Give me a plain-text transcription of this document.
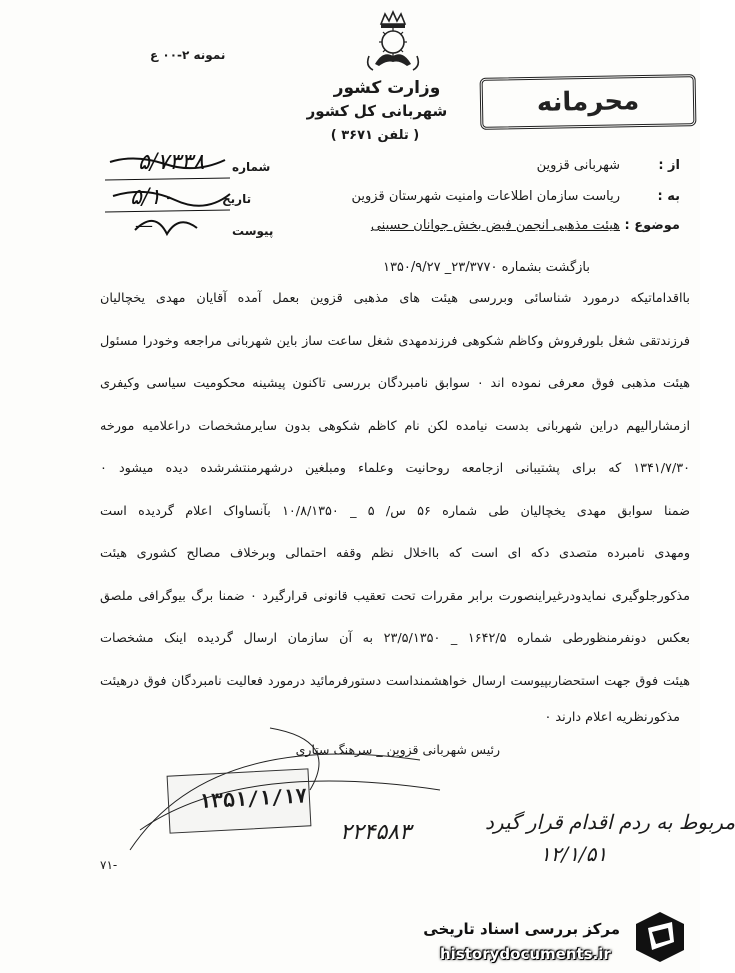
نمونه ۲-۰۰ ع
وزارت کشور
شهربانی کل کشور
( تلفن ۳۶۷۱ )
محرمانه
۵/۷۳۳۸
۵/۱۰
—
شماره
تاریخ
پیوست
از :
شهربانی قزوین
به :
ریاست سازمان اطلاعات وامنیت شهرستان قزوین
موضوع :
هیئت مذهبی انجمن فیض بخش جوانان حسینی
بازگشت بشماره ۲۳/۳۷۷۰_ ۱۳۵۰/۹/۲۷
بااقداماتیکه درمورد شناسائی وبررسی هیئت های مذهبی قزوین بعمل آمده آقایان مهدی یخچالیان
فرزندتقی شغل بلورفروش وکاظم شکوهی فرزندمهدی شغل ساعت ساز باین شهربانی مراجعه وخودرا مسئول
هیئت مذهبی فوق معرفی نموده اند ۰ سوابق نامبردگان بررسی تاکنون پیشینه محکومیت سیاسی وکیفری
ازمشارالیهم دراین شهربانی بدست نیامده لکن نام کاظم شکوهی بدون سایرمشخصات دراعلامیه مورخه
۱۳۴۱/۷/۳۰ که برای پشتیبانی ازجامعه روحانیت وعلماء ومبلغین درشهرمنتشرشده دیده میشود ۰
ضمنا سوابق مهدی یخچالیان طی شماره ۵۶ س/ ۵ _ ۱۰/۸/۱۳۵۰ بآنساواک اعلام گردیده است
ومهدی نامبرده متصدی دکه ای است که بااخلال نظم وقفه احتمالی وبرخلاف مصالح کشوری هیئت
مذکورجلوگیری نمایدودرغیراینصورت برابر مقررات تحت تعقیب قانونی قرارگیرد ۰ ضمنا برگ بیوگرافی ملصق
بعکس دونفرمنظورطی شماره ۱۶۴۲/۵ _ ۲۳/۵/۱۳۵۰ به آن سازمان ارسال گردیده اینک مشخصات
هیئت فوق جهت استحضاربپیوست ارسال خواهشمنداست دستورفرمائید درمورد فعالیت نامبردگان فوق درهیئت
مذکورنظریه اعلام دارند ۰
رئیس شهربانی قزوین _ سرهنگ ستاری
۱۳۵۱/۱/۱۷
۲۲۴۵۸۳	مربوط به ردم اقدام قرار گیرد
۱۲/۱/۵۱
۷۱-
مرکز بررسی اسناد تاریخی
historydocuments.ir
